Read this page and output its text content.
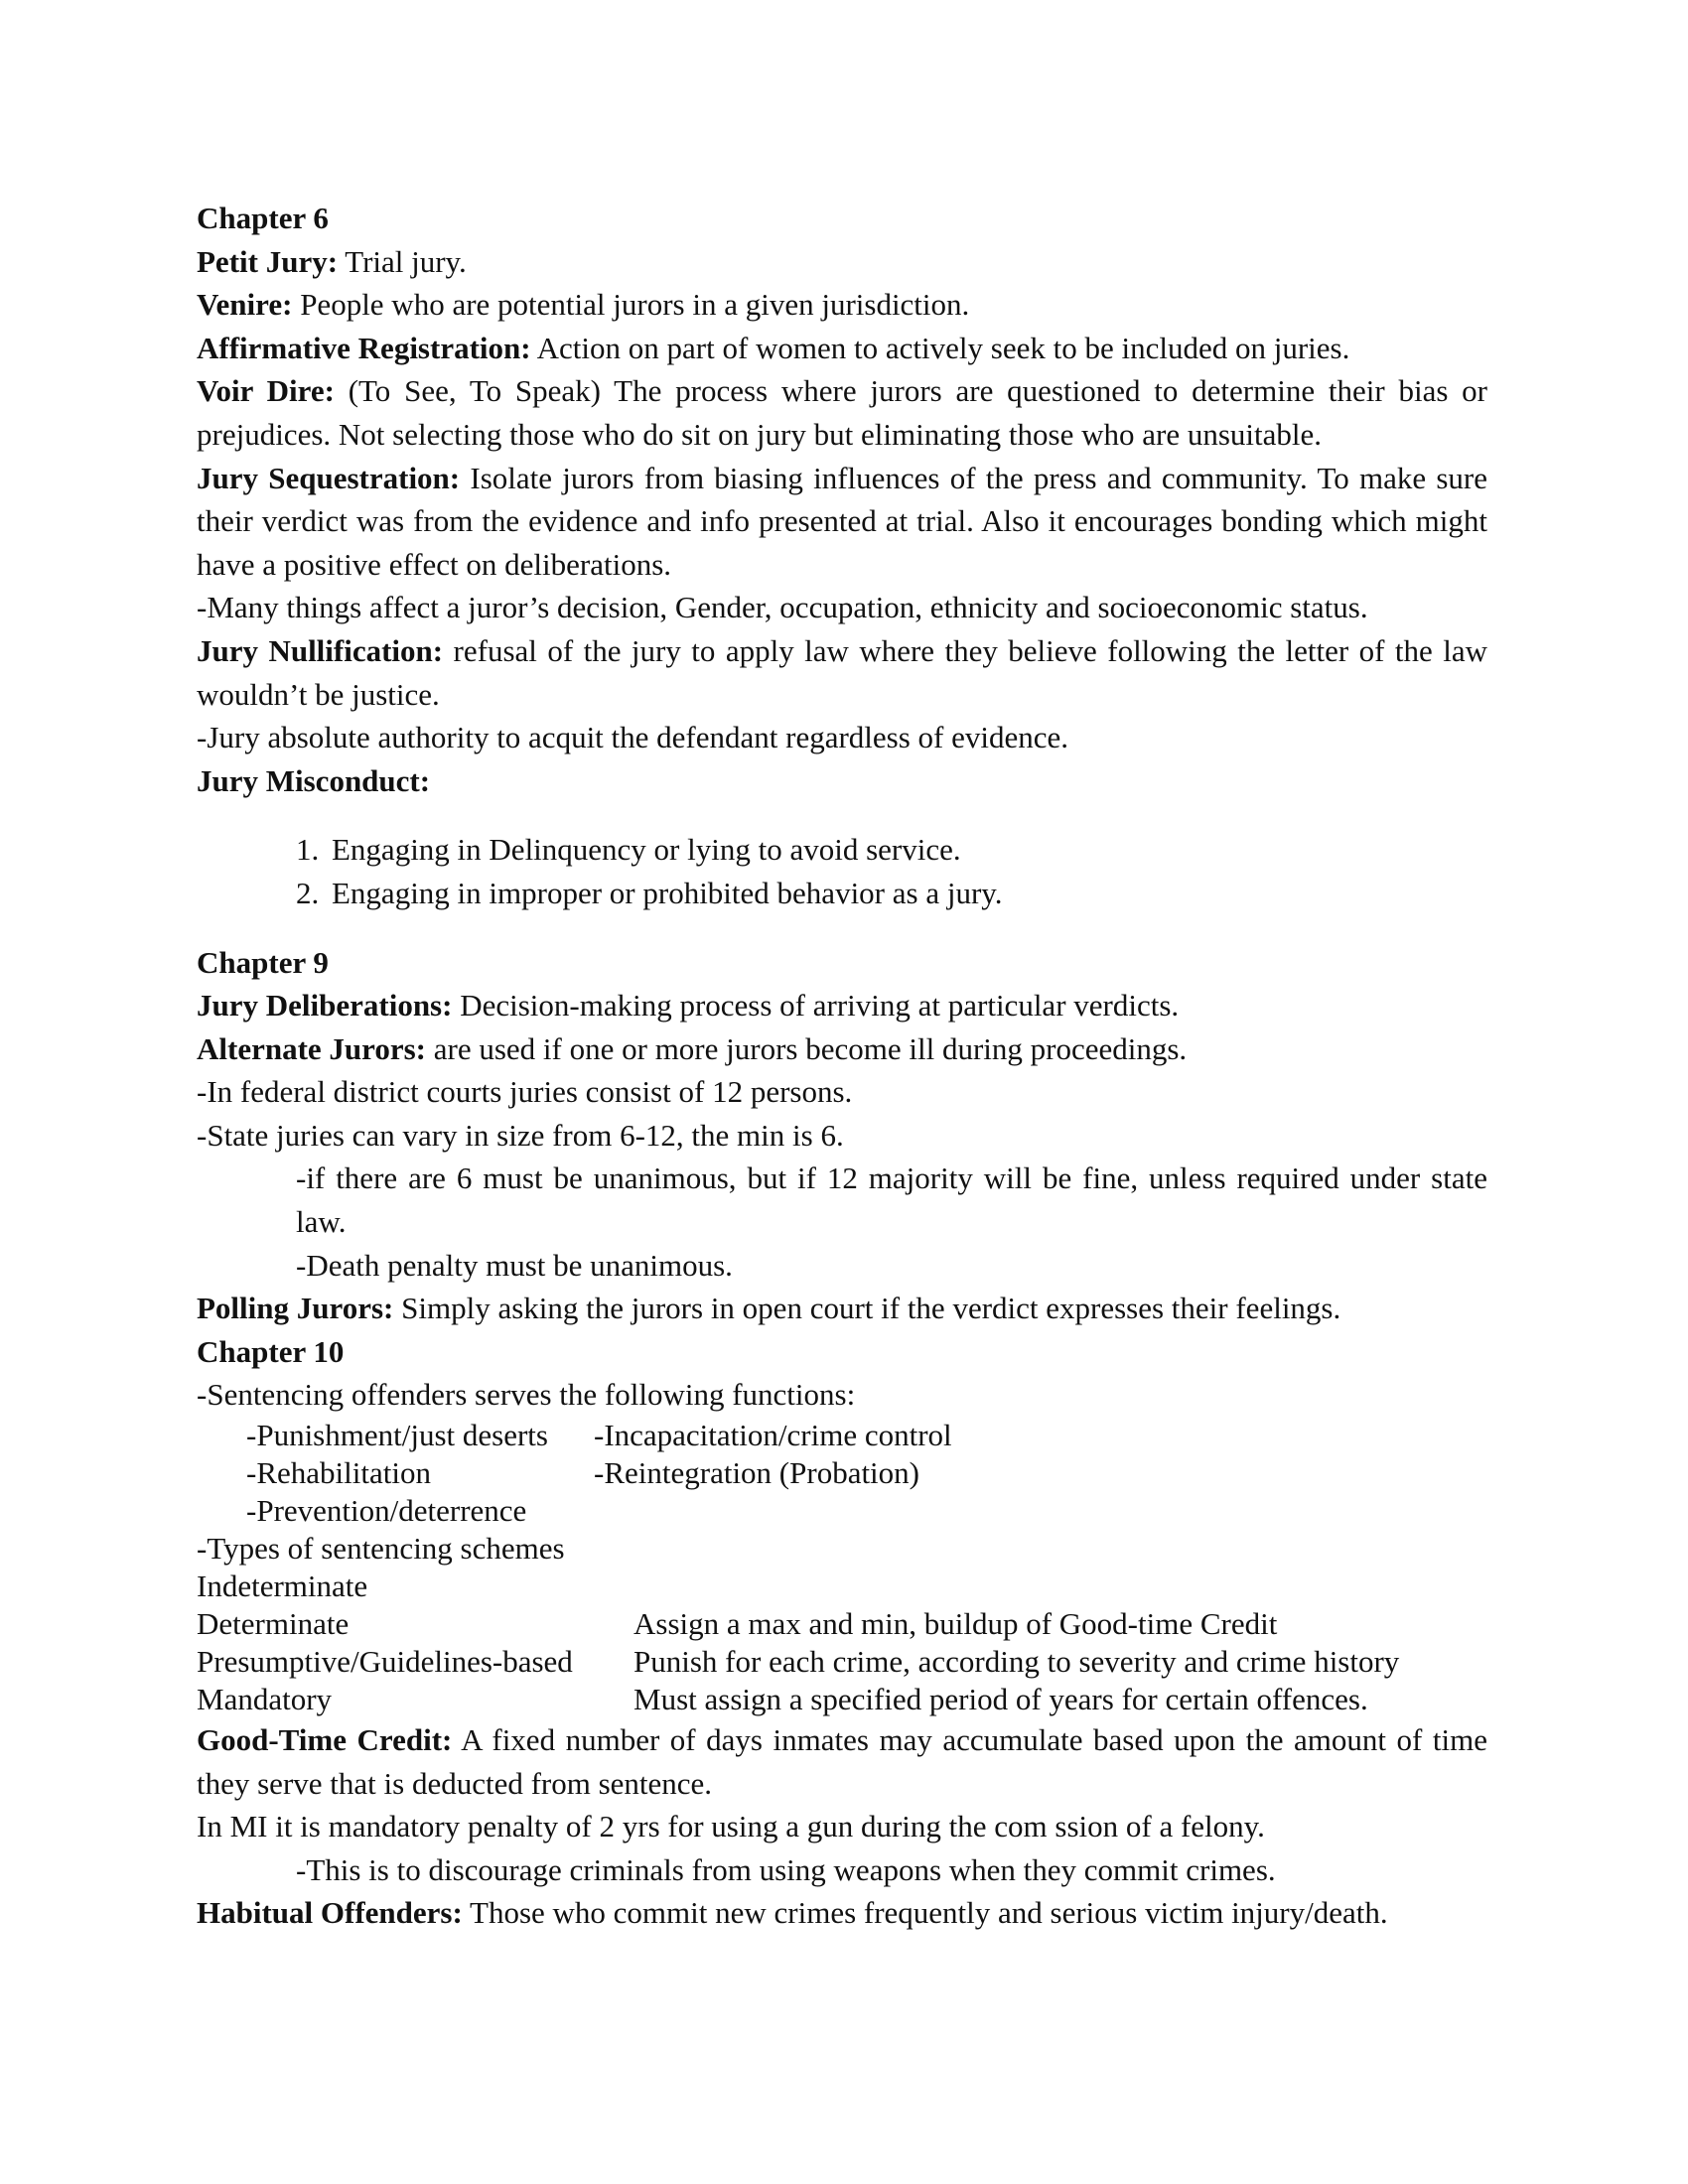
Chapter 6

Petit Jury: Trial jury.

Venire: People who are potential jurors in a given jurisdiction.

Affirmative Registration: Action on part of women to actively seek to be included on juries.

Voir Dire: (To See, To Speak) The process where jurors are questioned to determine their bias or prejudices. Not selecting those who do sit on jury but eliminating those who are unsuitable.

Jury Sequestration: Isolate jurors from biasing influences of the press and community. To make sure their verdict was from the evidence and info presented at trial. Also it encourages bonding which might have a positive effect on deliberations.

-Many things affect a juror’s decision, Gender, occupation, ethnicity and socioeconomic status.

Jury Nullification: refusal of the jury to apply law where they believe following the letter of the law wouldn’t be justice.

-Jury absolute authority to acquit the defendant regardless of evidence.

Jury Misconduct:

1. Engaging in Delinquency or lying to avoid service.
2. Engaging in improper or prohibited behavior as a jury.

Chapter 9

Jury Deliberations: Decision-making process of arriving at particular verdicts.

Alternate Jurors: are used if one or more jurors become ill during proceedings.

-In federal district courts juries consist of 12 persons.

-State juries can vary in size from 6-12, the min is 6.

-if there are 6 must be unanimous, but if 12 majority will be fine, unless required under state law.

-Death penalty must be unanimous.

Polling Jurors: Simply asking the jurors in open court if the verdict expresses their feelings.

Chapter 10

-Sentencing offenders serves the following functions:

-Punishment/just deserts	-Incapacitation/crime control
-Rehabilitation	-Reintegration (Probation)
-Prevention/deterrence

-Types of sentencing schemes

Indeterminate
Determinate	Assign a max and min, buildup of Good-time Credit
Presumptive/Guidelines-based	Punish for each crime, according to severity and crime history
Mandatory	Must assign a specified period of years for certain offences.

Good-Time Credit: A fixed number of days inmates may accumulate based upon the amount of time they serve that is deducted from sentence.

In MI it is mandatory penalty of 2 yrs for using a gun during the com ssion of a felony.

-This is to discourage criminals from using weapons when they commit crimes.

Habitual Offenders: Those who commit new crimes frequently and serious victim injury/death.
